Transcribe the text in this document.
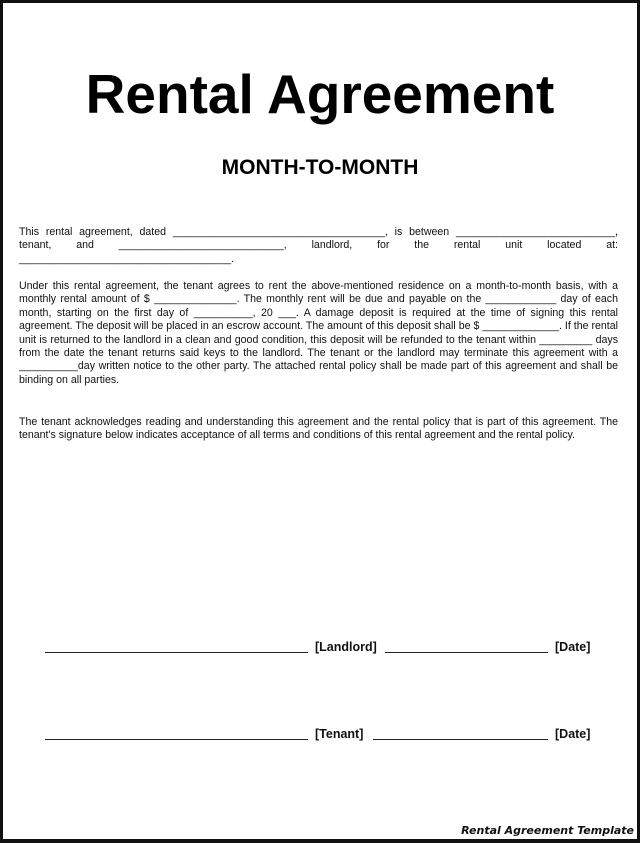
Rental Agreement
MONTH-TO-MONTH
This rental agreement, dated ____________________________________, is between ___________________________, tenant, and ____________________________, landlord, for the rental unit located at: ____________________________________.
Under this rental agreement, the tenant agrees to rent the above-mentioned residence on a month-to-month basis, with a monthly rental amount of $ ______________. The monthly rent will be due and payable on the ____________ day of each month, starting on the first day of __________, 20 ___. A damage deposit is required at the time of signing this rental agreement. The deposit will be placed in an escrow account. The amount of this deposit shall be $ _____________. If the rental unit is returned to the landlord in a clean and good condition, this deposit will be refunded to the tenant within _________ days from the date the tenant returns said keys to the landlord. The tenant or the landlord may terminate this agreement with a __________day written notice to the other party. The attached rental policy shall be made part of this agreement and shall be binding on all parties.
The tenant acknowledges reading and understanding this agreement and the rental policy that is part of this agreement. The tenant's signature below indicates acceptance of all terms and conditions of this rental agreement and the rental policy.
[Landlord]	[Date]
[Tenant]	[Date]
Rental Agreement Template
